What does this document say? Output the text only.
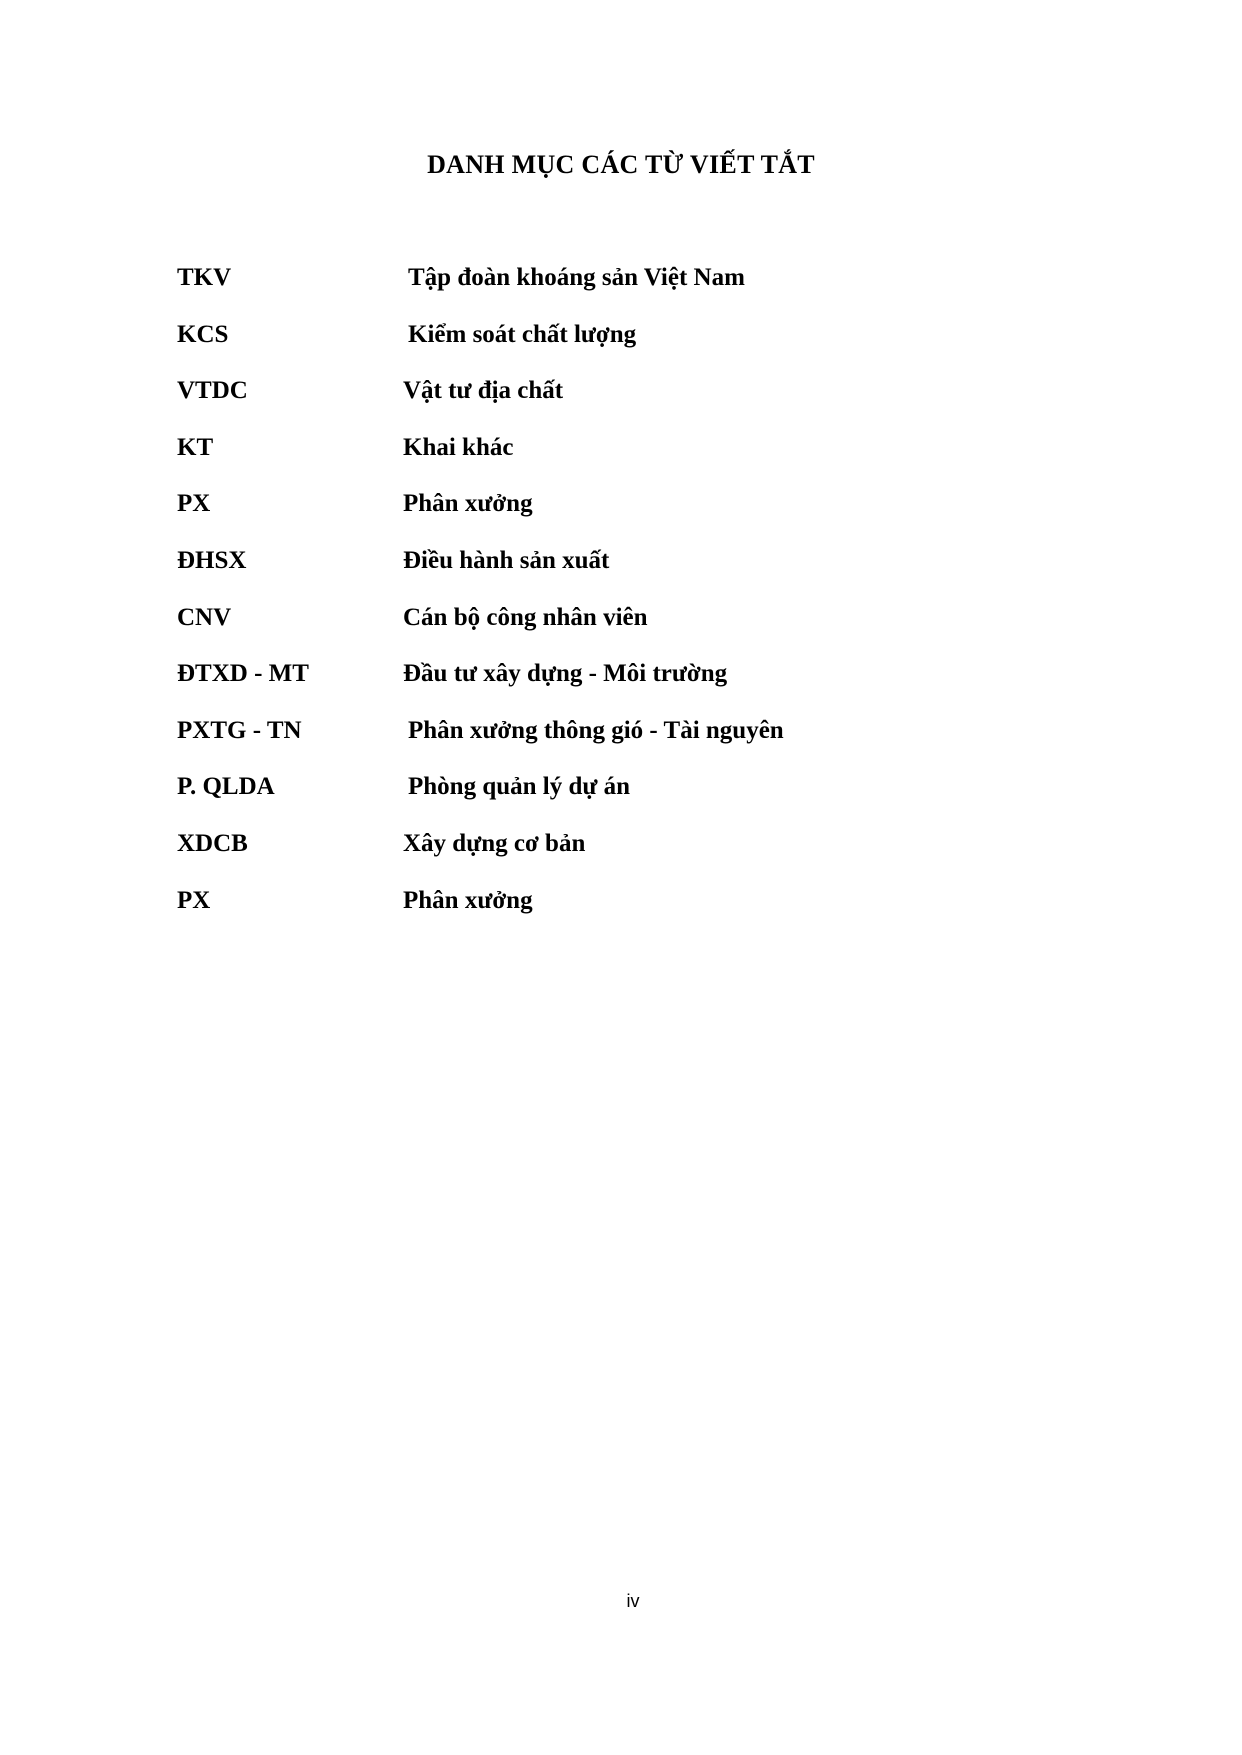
DANH MỤC CÁC TỪ VIẾT TẮT
TKV	Tập đoàn khoáng sản Việt Nam
KCS	Kiểm soát chất lượng
VTDC	Vật tư địa chất
KT	Khai khác
PX	Phân xưởng
ĐHSX	Điều hành sản xuất
CNV	Cán bộ công nhân viên
ĐTXD - MT	Đầu tư xây dựng - Môi trường
PXTG - TN	Phân xưởng thông gió - Tài nguyên
P. QLDA	Phòng quản lý dự án
XDCB	Xây dựng cơ bản
PX	Phân xưởng
iv
